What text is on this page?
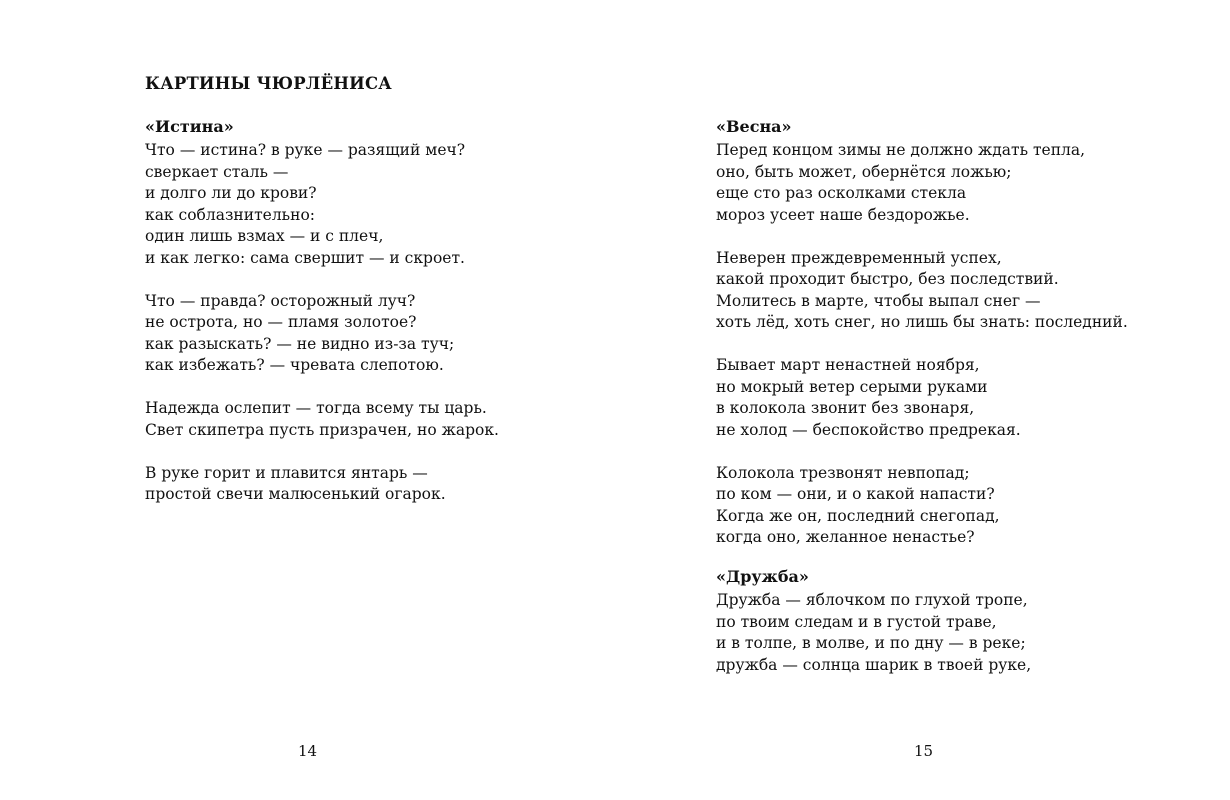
КАРТИНЫ ЧЮРЛЁНИСА
«Истина»
Что — истина? в руке — разящий меч?
сверкает сталь —
и долго ли до крови?
как соблазнительно:
один лишь взмах — и с плеч,
и как легко: сама свершит — и скроет.
Что — правда? осторожный луч?
не острота, но — пламя золотое?
как разыскать? — не видно из-за туч;
как избежать? — чревата слепотою.
Надежда ослепит — тогда всему ты царь.
Свет скипетра пусть призрачен, но жарок.
В руке горит и плавится янтарь —
простой свечи малюсенький огарок.
14
«Весна»
Перед концом зимы не должно ждать тепла,
оно, быть может, обернётся ложью;
еще сто раз осколками стекла
мороз усеет наше бездорожье.
Неверен преждевременный успех,
какой проходит быстро, без последствий.
Молитесь в марте, чтобы выпал снег —
хоть лёд, хоть снег, но лишь бы знать: последний.
Бывает март ненастней ноября,
но мокрый ветер серыми руками
в колокола звонит без звонаря,
не холод — беспокойство предрекая.
Колокола трезвонят невпопад;
по ком — они, и о какой напасти?
Когда же он, последний снегопад,
когда оно, желанное ненастье?
«Дружба»
Дружба — яблочком по глухой тропе,
по твоим следам и в густой траве,
и в толпе, в молве, и по дну — в реке;
дружба — солнца шарик в твоей руке,
15
